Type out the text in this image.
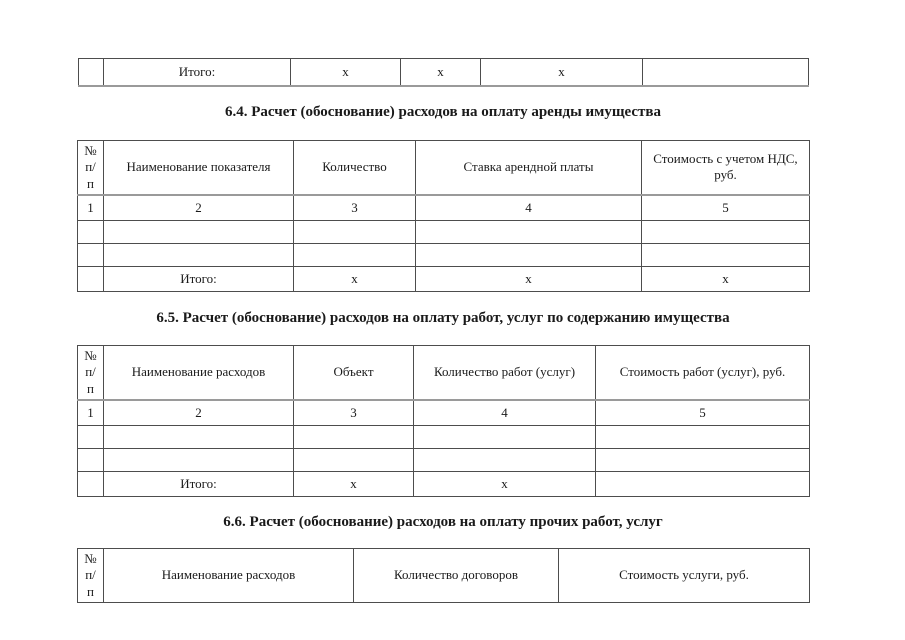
	Итого:	x	x	x	
6.4. Расчет (обоснование) расходов на оплату аренды имущества
№ п/п	Наименование показателя	Количество	Ставка арендной платы	Стоимость с учетом НДС, руб.
1	2	3	4	5

	Итого:	x	x	x
6.5. Расчет (обоснование) расходов на оплату работ, услуг по содержанию имущества
№ п/п	Наименование расходов	Объект	Количество работ (услуг)	Стоимость работ (услуг), руб.
1	2	3	4	5

	Итого:	x	x	
6.6. Расчет (обоснование) расходов на оплату прочих работ, услуг
№ п/п	Наименование расходов	Количество договоров	Стоимость услуги, руб.
